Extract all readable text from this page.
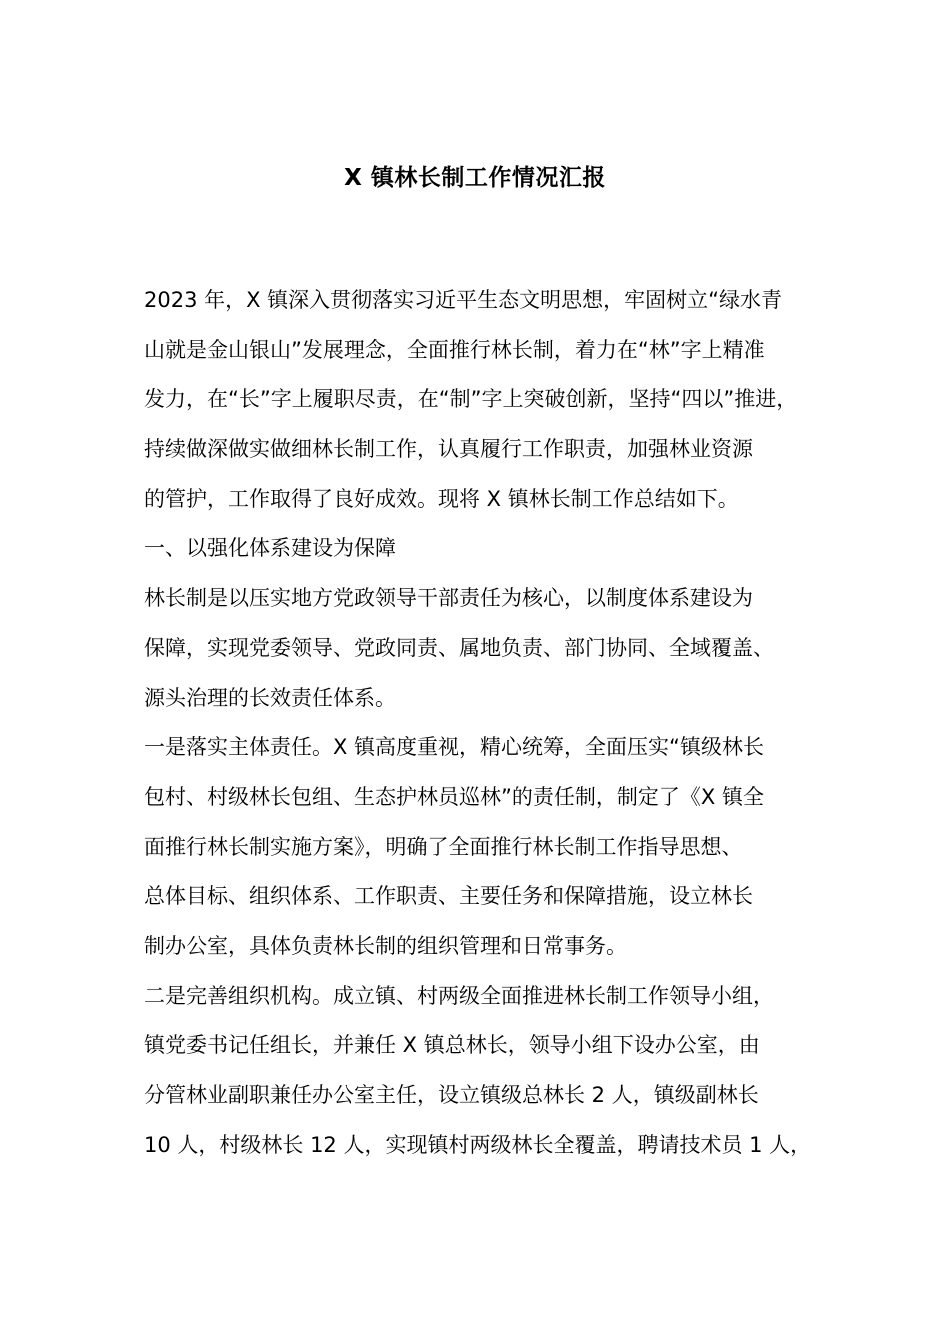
X 镇林长制工作情况汇报
2023 年，X 镇深入贯彻落实习近平生态文明思想，牢固树立“绿水青
山就是金山银山”发展理念，全面推行林长制，着力在“林”字上精准
发力，在“长”字上履职尽责，在“制”字上突破创新，坚持“四以”推进，
持续做深做实做细林长制工作，认真履行工作职责，加强林业资源
的管护，工作取得了良好成效。现将 X 镇林长制工作总结如下。
一、以强化体系建设为保障
林长制是以压实地方党政领导干部责任为核心，以制度体系建设为
保障，实现党委领导、党政同责、属地负责、部门协同、全域覆盖、
源头治理的长效责任体系。
一是落实主体责任。X 镇高度重视，精心统筹，全面压实“镇级林长
包村、村级林长包组、生态护林员巡林”的责任制，制定了《X 镇全
面推行林长制实施方案》，明确了全面推行林长制工作指导思想、
总体目标、组织体系、工作职责、主要任务和保障措施，设立林长
制办公室，具体负责林长制的组织管理和日常事务。
二是完善组织机构。成立镇、村两级全面推进林长制工作领导小组，
镇党委书记任组长，并兼任 X 镇总林长，领导小组下设办公室，由
分管林业副职兼任办公室主任，设立镇级总林长 2 人，镇级副林长
10 人，村级林长 12 人，实现镇村两级林长全覆盖，聘请技术员 1 人，
